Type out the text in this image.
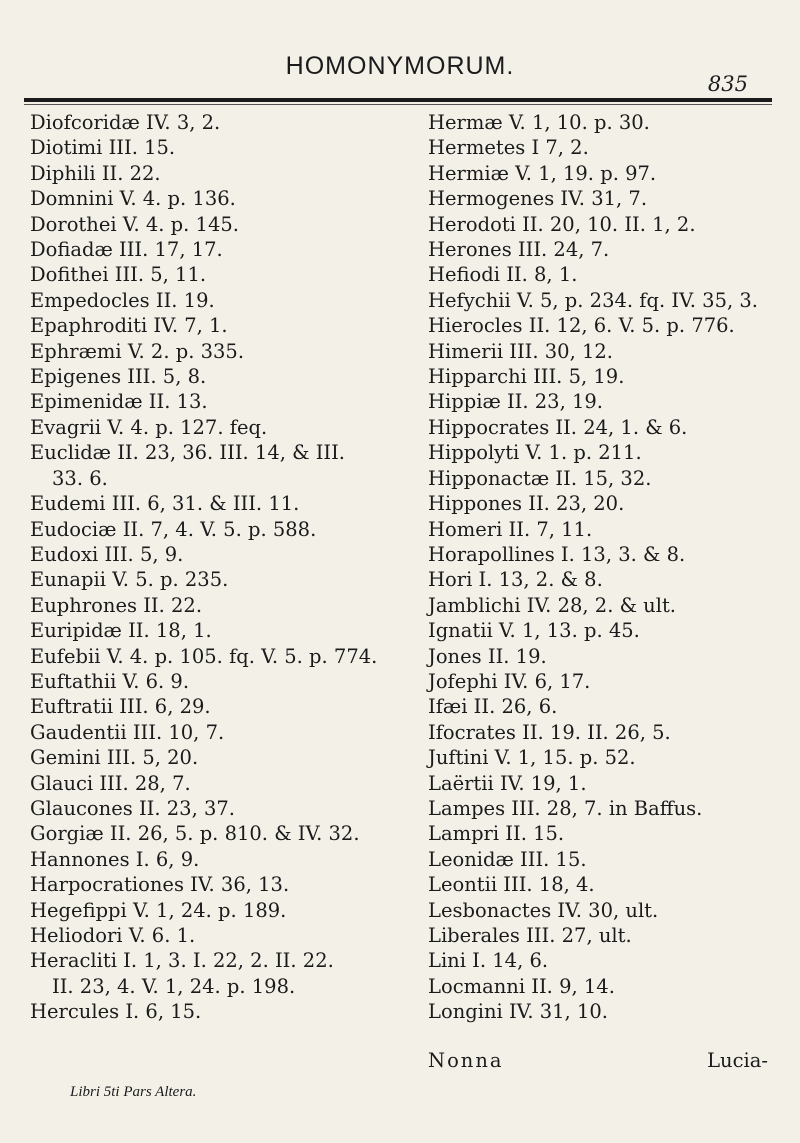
HOMONYMORUM.
835
Diofcoridæ IV. 3, 2.
Diotimi III. 15.
Diphili II. 22.
Domnini V. 4. p. 136.
Dorothei V. 4. p. 145.
Dofiadæ III. 17, 17.
Dofithei III. 5, 11.
Empedocles II. 19.
Epaphroditi IV. 7, 1.
Ephræmi V. 2. p. 335.
Epigenes III. 5, 8.
Epimenidæ II. 13.
Evagrii V. 4. p. 127. feq.
Euclidæ II. 23, 36. III. 14, & III.
33. 6.
Eudemi III. 6, 31. & III. 11.
Eudociæ II. 7, 4. V. 5. p. 588.
Eudoxi III. 5, 9.
Eunapii V. 5. p. 235.
Euphrones II. 22.
Euripidæ II. 18, 1.
Eufebii V. 4. p. 105. fq. V. 5. p. 774.
Euftathii V. 6. 9.
Euftratii III. 6, 29.
Gaudentii III. 10, 7.
Gemini III. 5, 20.
Glauci III. 28, 7.
Glaucones II. 23, 37.
Gorgiæ II. 26, 5. p. 810. & IV. 32.
Hannones I. 6, 9.
Harpocrationes IV. 36, 13.
Hegefippi V. 1, 24. p. 189.
Heliodori V. 6. 1.
Heracliti I. 1, 3. I. 22, 2. II. 22.
II. 23, 4. V. 1, 24. p. 198.
Hercules I. 6, 15.
Hermæ V. 1, 10. p. 30.
Hermetes I 7, 2.
Hermiæ V. 1, 19. p. 97.
Hermogenes IV. 31, 7.
Herodoti II. 20, 10. II. 1, 2.
Herones III. 24, 7.
Hefiodi II. 8, 1.
Hefychii V. 5, p. 234. fq. IV. 35, 3.
Hierocles II. 12, 6. V. 5. p. 776.
Himerii III. 30, 12.
Hipparchi III. 5, 19.
Hippiæ II. 23, 19.
Hippocrates II. 24, 1. & 6.
Hippolyti V. 1. p. 211.
Hipponactæ II. 15, 32.
Hippones II. 23, 20.
Homeri II. 7, 11.
Horapollines I. 13, 3. & 8.
Hori I. 13, 2. & 8.
Jamblichi IV. 28, 2. & ult.
Ignatii V. 1, 13. p. 45.
Jones II. 19.
Jofephi IV. 6, 17.
Ifæi II. 26, 6.
Ifocrates II. 19. II. 26, 5.
Juftini V. 1, 15. p. 52.
Laërtii IV. 19, 1.
Lampes III. 28, 7. in Baffus.
Lampri II. 15.
Leonidæ III. 15.
Leontii III. 18, 4.
Lesbonactes IV. 30, ult.
Liberales III. 27, ult.
Lini I. 14, 6.
Locmanni II. 9, 14.
Longini IV. 31, 10.
Nonna	Lucia-
Libri 5ti Pars Altera.
